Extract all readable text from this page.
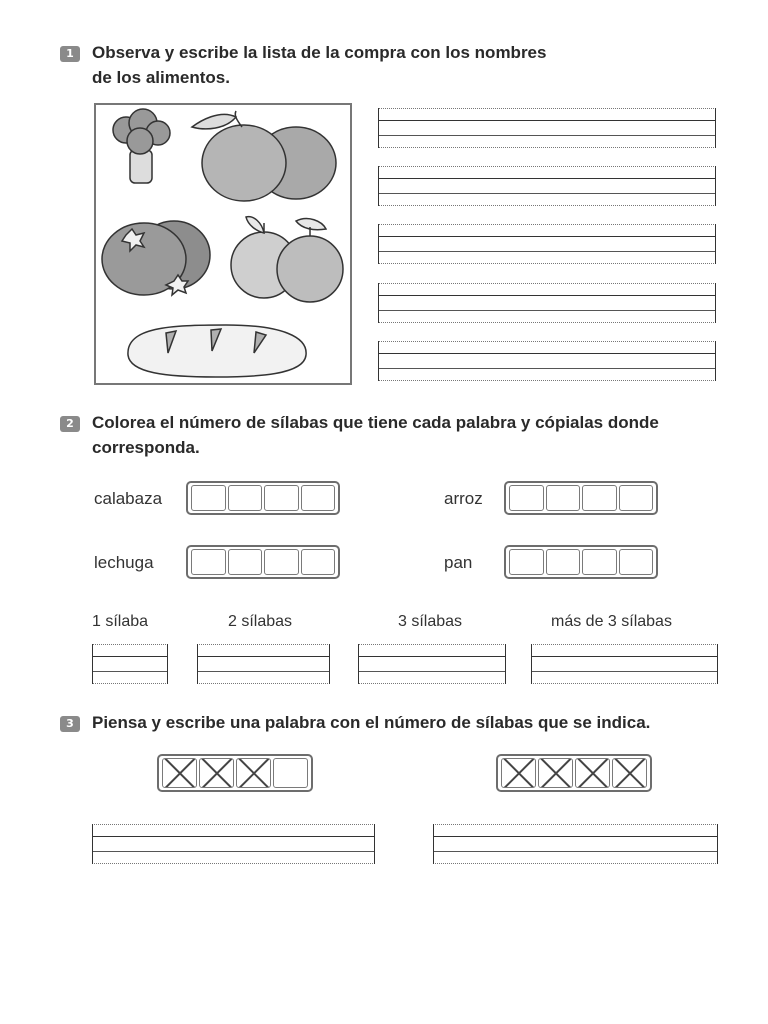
1	Observa y escribe la lista de la compra con los nombres
de los alimentos.
2	Colorea el número de sílabas que tiene cada palabra y cópialas donde
corresponda.
calabaza	arroz
lechuga	pan
1 sílaba	2 sílabas	3 sílabas	más de 3 sílabas
3	Piensa y escribe una palabra con el número de sílabas que se indica.
